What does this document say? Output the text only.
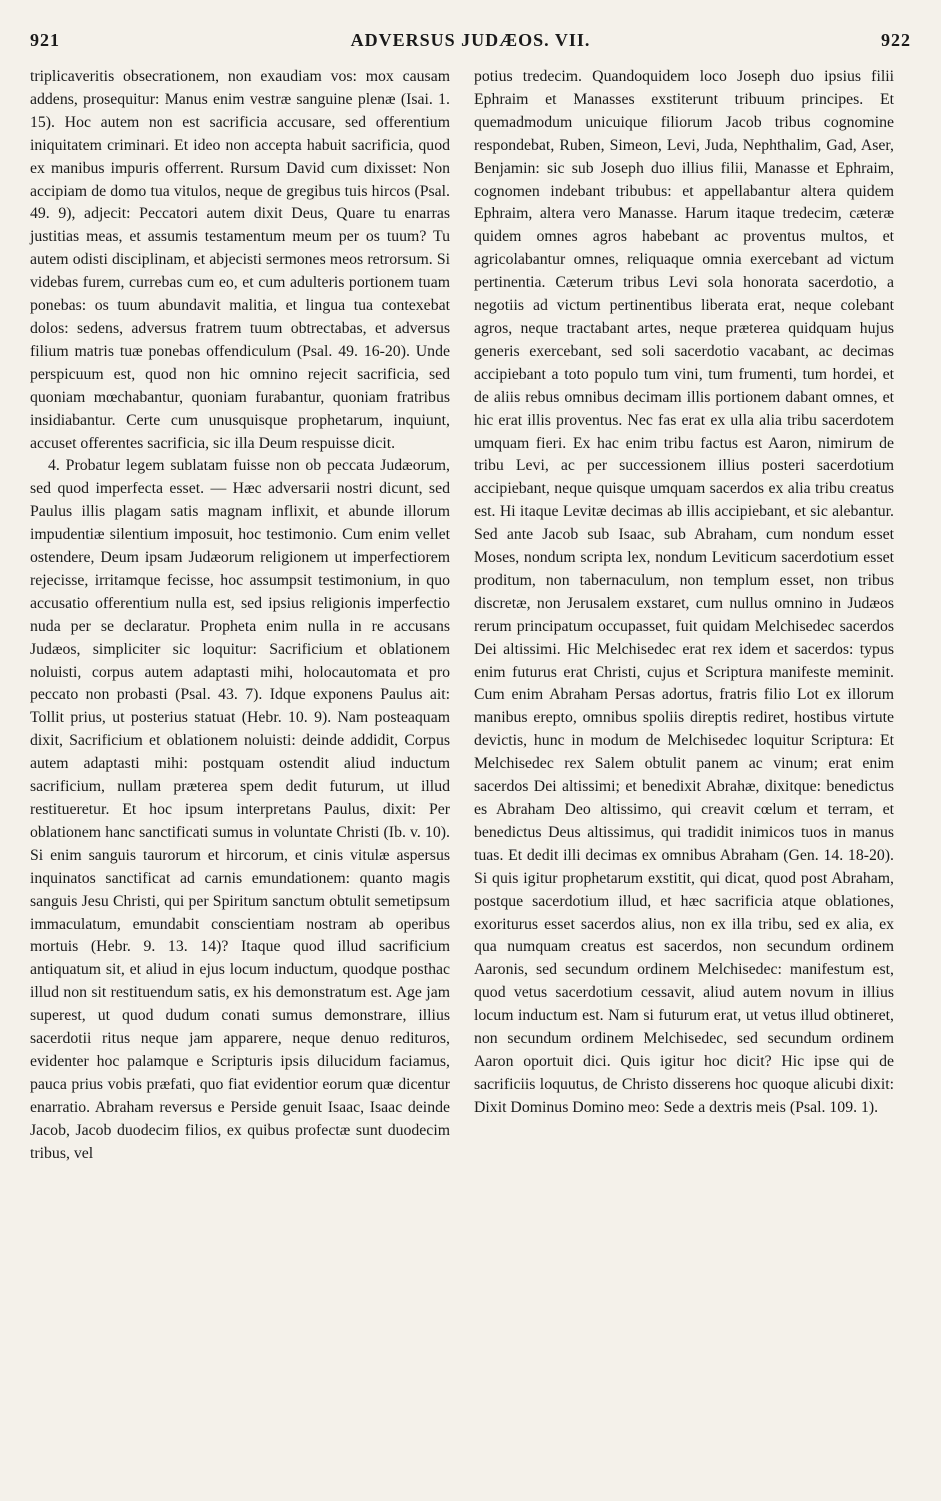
921	ADVERSUS JUDÆOS. VII.	922

triplicaveritis obsecrationem, non exaudiam vos: mox causam addens, prosequitur: Manus enim vestræ sanguine plenæ (Isai. 1. 15). Hoc autem non est sacrificia accusare, sed offerentium iniquitatem criminari. Et ideo non accepta habuit sacrificia, quod ex manibus impuris offerrent. Rursum David cum dixisset: Non accipiam de domo tua vitulos, neque de gregibus tuis hircos (Psal. 49. 9), adjecit: Peccatori autem dixit Deus, Quare tu enarras justitias meas, et assumis testamentum meum per os tuum? Tu autem odisti disciplinam, et abjecisti sermones meos retrorsum. Si videbas furem, currebas cum eo, et cum adulteris portionem tuam ponebas: os tuum abundavit malitia, et lingua tua contexebat dolos: sedens, adversus fratrem tuum obtrectabas, et adversus filium matris tuæ ponebas offendiculum (Psal. 49. 16-20). Unde perspicuum est, quod non hic omnino rejecit sacrificia, sed quoniam mœchabantur, quoniam furabantur, quoniam fratribus insidiabantur. Certe cum unusquisque prophetarum, inquiunt, accuset offerentes sacrificia, sic illa Deum respuisse dicit.

4. Probatur legem sublatam fuisse non ob peccata Judæorum, sed quod imperfecta esset. — Hæc adversarii nostri dicunt, sed Paulus illis plagam satis magnam inflixit, et abunde illorum impudentiæ silentium imposuit, hoc testimonio. Cum enim vellet ostendere, Deum ipsam Judæorum religionem ut imperfectiorem rejecisse, irritamque fecisse, hoc assumpsit testimonium, in quo accusatio offerentium nulla est, sed ipsius religionis imperfectio nuda per se declaratur. Propheta enim nulla in re accusans Judæos, simpliciter sic loquitur: Sacrificium et oblationem noluisti, corpus autem adaptasti mihi, holocautomata et pro peccato non probasti (Psal. 43. 7). Idque exponens Paulus ait: Tollit prius, ut posterius statuat (Hebr. 10. 9). Nam posteaquam dixit, Sacrificium et oblationem noluisti: deinde addidit, Corpus autem adaptasti mihi: postquam ostendit aliud inductum sacrificium, nullam præterea spem dedit futurum, ut illud restitueretur. Et hoc ipsum interpretans Paulus, dixit: Per oblationem hanc sanctificati sumus in voluntate Christi (Ib. v. 10). Si enim sanguis taurorum et hircorum, et cinis vitulæ aspersus inquinatos sanctificat ad carnis emundationem: quanto magis sanguis Jesu Christi, qui per Spiritum sanctum obtulit semetipsum immaculatum, emundabit conscientiam nostram ab operibus mortuis (Hebr. 9. 13. 14)? Itaque quod illud sacrificium antiquatum sit, et aliud in ejus locum inductum, quodque posthac illud non sit restituendum satis, ex his demonstratum est. Age jam superest, ut quod dudum conati sumus demonstrare, illius sacerdotii ritus neque jam apparere, neque denuo redituros, evidenter hoc palamque e Scripturis ipsis dilucidum faciamus, pauca prius vobis præfati, quo fiat evidentior eorum quæ dicentur enarratio. Abraham reversus e Perside genuit Isaac, Isaac deinde Jacob, Jacob duodecim filios, ex quibus profectæ sunt duodecim tribus, vel

potius tredecim. Quandoquidem loco Joseph duo ipsius filii Ephraim et Manasses exstiterunt tribuum principes. Et quemadmodum unicuique filiorum Jacob tribus cognomine respondebat, Ruben, Simeon, Levi, Juda, Nephthalim, Gad, Aser, Benjamin: sic sub Joseph duo illius filii, Manasse et Ephraim, cognomen indebant tribubus: et appellabantur altera quidem Ephraim, altera vero Manasse. Harum itaque tredecim, cæteræ quidem omnes agros habebant ac proventus multos, et agricolabantur omnes, reliquaque omnia exercebant ad victum pertinentia. Cæterum tribus Levi sola honorata sacerdotio, a negotiis ad victum pertinentibus liberata erat, neque colebant agros, neque tractabant artes, neque præterea quidquam hujus generis exercebant, sed soli sacerdotio vacabant, ac decimas accipiebant a toto populo tum vini, tum frumenti, tum hordei, et de aliis rebus omnibus decimam illis portionem dabant omnes, et hic erat illis proventus. Nec fas erat ex ulla alia tribu sacerdotem umquam fieri. Ex hac enim tribu factus est Aaron, nimirum de tribu Levi, ac per successionem illius posteri sacerdotium accipiebant, neque quisque umquam sacerdos ex alia tribu creatus est. Hi itaque Levitæ decimas ab illis accipiebant, et sic alebantur. Sed ante Jacob sub Isaac, sub Abraham, cum nondum esset Moses, nondum scripta lex, nondum Leviticum sacerdotium esset proditum, non tabernaculum, non templum esset, non tribus discretæ, non Jerusalem exstaret, cum nullus omnino in Judæos rerum principatum occupasset, fuit quidam Melchisedec sacerdos Dei altissimi. Hic Melchisedec erat rex idem et sacerdos: typus enim futurus erat Christi, cujus et Scriptura manifeste meminit. Cum enim Abraham Persas adortus, fratris filio Lot ex illorum manibus erepto, omnibus spoliis direptis rediret, hostibus virtute devictis, hunc in modum de Melchisedec loquitur Scriptura: Et Melchisedec rex Salem obtulit panem ac vinum; erat enim sacerdos Dei altissimi; et benedixit Abrahæ, dixitque: benedictus es Abraham Deo altissimo, qui creavit cœlum et terram, et benedictus Deus altissimus, qui tradidit inimicos tuos in manus tuas. Et dedit illi decimas ex omnibus Abraham (Gen. 14. 18-20). Si quis igitur prophetarum exstitit, qui dicat, quod post Abraham, postque sacerdotium illud, et hæc sacrificia atque oblationes, exoriturus esset sacerdos alius, non ex illa tribu, sed ex alia, ex qua numquam creatus est sacerdos, non secundum ordinem Aaronis, sed secundum ordinem Melchisedec: manifestum est, quod vetus sacerdotium cessavit, aliud autem novum in illius locum inductum est. Nam si futurum erat, ut vetus illud obtineret, non secundum ordinem Melchisedec, sed secundum ordinem Aaron oportuit dici. Quis igitur hoc dicit? Hic ipse qui de sacrificiis loquutus, de Christo disserens hoc quoque alicubi dixit: Dixit Dominus Domino meo: Sede a dextris meis (Psal. 109. 1).
